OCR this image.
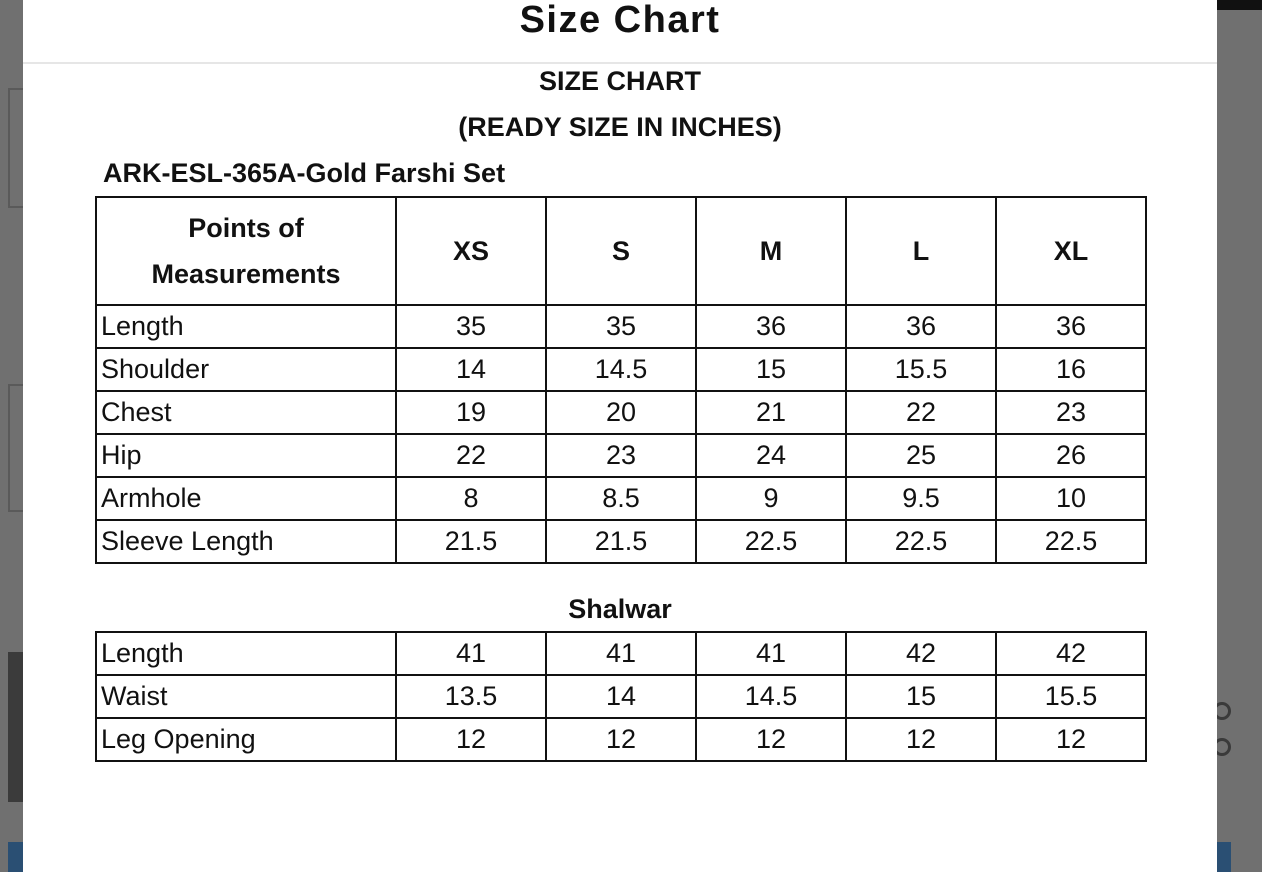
Size Chart
SIZE CHART
(READY SIZE IN INCHES)
ARK-ESL-365A-Gold Farshi Set
Points of
Measurements	XS	S	M	L	XL
Length	35	35	36	36	36
Shoulder	14	14.5	15	15.5	16
Chest	19	20	21	22	23
Hip	22	23	24	25	26
Armhole	8	8.5	9	9.5	10
Sleeve Length	21.5	21.5	22.5	22.5	22.5
Shalwar
Length	41	41	41	42	42
Waist	13.5	14	14.5	15	15.5
Leg Opening	12	12	12	12	12
